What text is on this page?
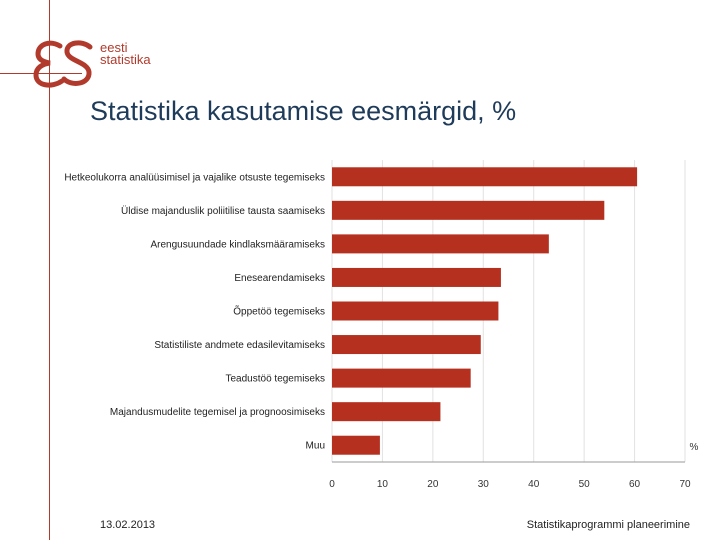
eesti
statistika
Statistika kasutamise eesmärgid, %
Hetkeolukorra analüüsimisel ja vajalike otsuste tegemiseks
Üldise majanduslik poliitilise tausta saamiseks
Arengusuundade kindlaksmääramiseks
Enesearendamiseks
Õppetöö tegemiseks
Statistiliste andmete edasilevitamiseks
Teadustöö tegemiseks
Majandusmudelite tegemisel ja prognoosimiseks
Muu
0	10	20	30	40	50	60	70
%
13.02.2013	Statistikaprogrammi planeerimine
